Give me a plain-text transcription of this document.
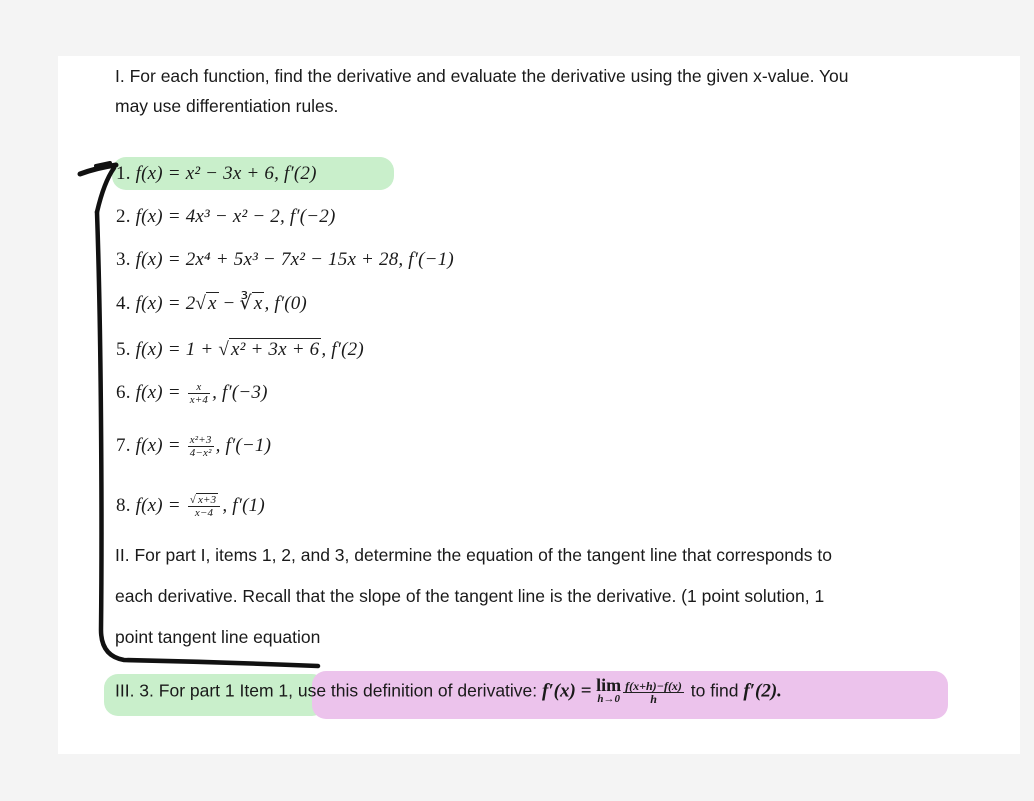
I. For each function, find the derivative and evaluate the derivative using the given x-value. You
may use differentiation rules.
1. f(x) = x² − 3x + 6, f′(2)
2. f(x) = 4x³ − x² − 2, f′(−2)
3. f(x) = 2x⁴ + 5x³ − 7x² − 15x + 28, f′(−1)
4. f(x) = 2√ x − ∛ x , f′(0)
5. f(x) = 1 + √ x² + 3x + 6 , f′(2)
6. $f(x) = \frac{x}{x+4}$ , f′(−3)
7. $f(x) = \frac{\text{x²+3}}{\text{4−x²}}$ , f′(−1)
8. $f(x) = \frac{√ x+3}{x-4}$ , f′(1)
II. For part I, items 1, 2, and 3, determine the equation of the tangent line that corresponds to
each derivative. Recall that the slope of the tangent line is the derivative. (1 point solution, 1
point tangent line equation
III. 3. For part 1 Item 1, use this definition of derivative: f′(x) = lim
$h\to 0 \frac{f(x+h)-f(x)}{h}$ to find f′(2).
